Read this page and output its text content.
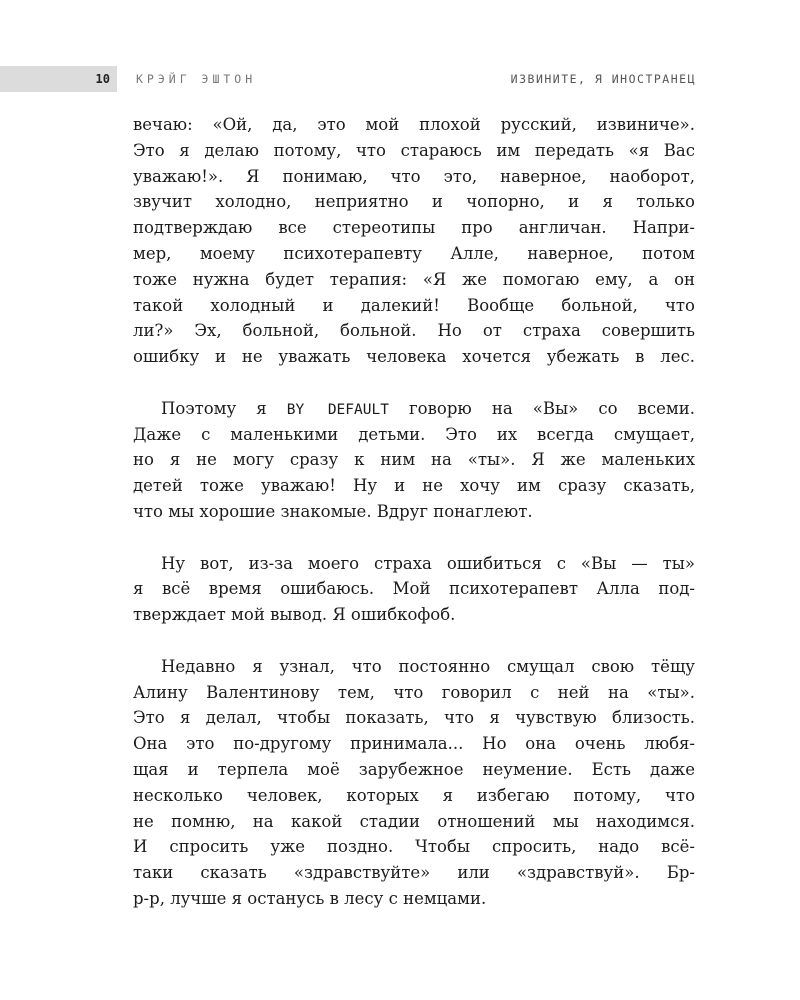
10 КРЭЙГ ЭШТОН	ИЗВИНИТЕ, Я ИНОСТРАНЕЦ
вечаю: «Ой, да, это мой плохой русский, извиниче».
Это я делаю потому, что стараюсь им передать «я Вас
уважаю!». Я понимаю, что это, наверное, наоборот,
звучит холодно, неприятно и чопорно, и я только
подтверждаю все стереотипы про англичан. Напри-
мер, моему психотерапевту Алле, наверное, потом
тоже нужна будет терапия: «Я же помогаю ему, а он
такой холодный и далекий! Вообще больной, что
ли?» Эх, больной, больной. Но от страха совершить
ошибку и не уважать человека хочется убежать в лес.
Поэтому я BY DEFAULT говорю на «Вы» со всеми.
Даже с маленькими детьми. Это их всегда смущает,
но я не могу сразу к ним на «ты». Я же маленьких
детей тоже уважаю! Ну и не хочу им сразу сказать,
что мы хорошие знакомые. Вдруг понаглеют.
Ну вот, из-за моего страха ошибиться с «Вы — ты»
я всё время ошибаюсь. Мой психотерапевт Алла под-
тверждает мой вывод. Я ошибкофоб.
Недавно я узнал, что постоянно смущал свою тёщу
Алину Валентинову тем, что говорил с ней на «ты».
Это я делал, чтобы показать, что я чувствую близость.
Она это по-другому принимала... Но она очень любя-
щая и терпела моё зарубежное неумение. Есть даже
несколько человек, которых я избегаю потому, что
не помню, на какой стадии отношений мы находимся.
И спросить уже поздно. Чтобы спросить, надо всё-
таки сказать «здравствуйте» или «здравствуй». Бр-
р-р, лучше я останусь в лесу с немцами.
